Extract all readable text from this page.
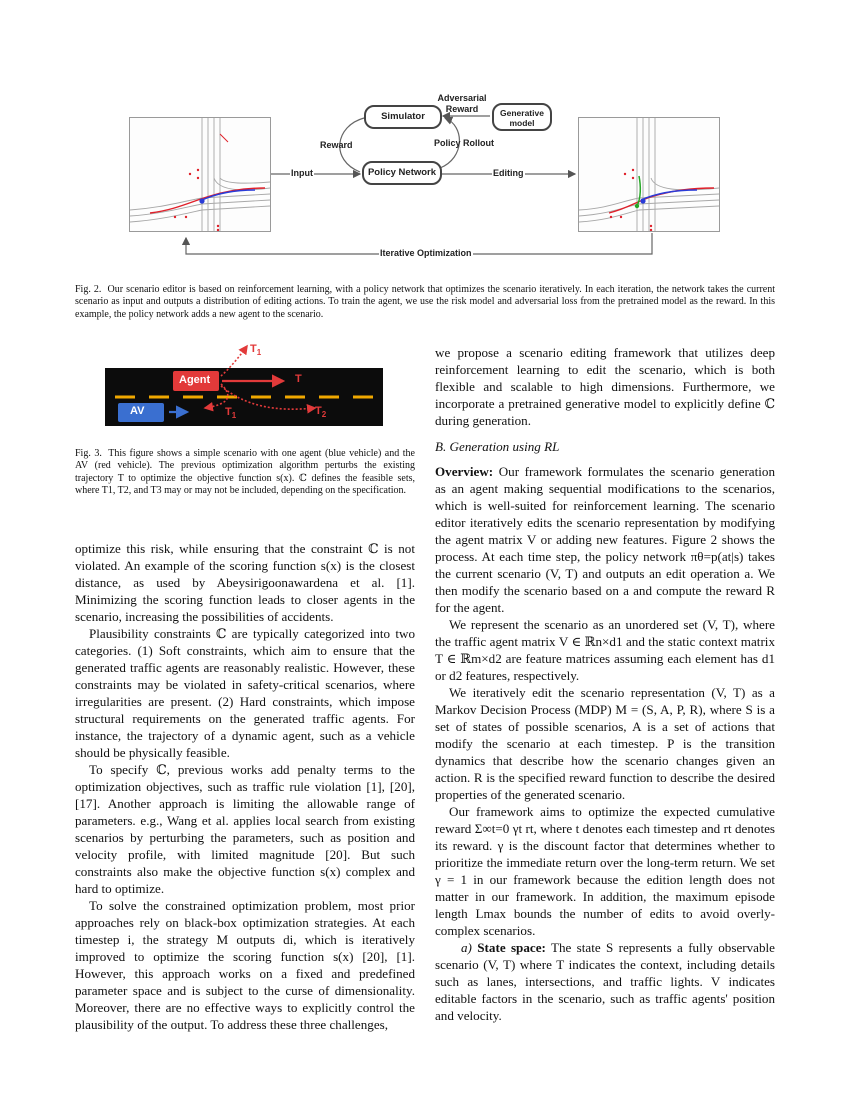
Simulator	Generative model
Policy Network
Adversarial Reward
Reward	Policy Rollout
Input	Editing
Iterative Optimization
Fig. 2. Our scenario editor is based on reinforcement learning, with a policy network that optimizes the scenario iteratively. In each iteration, the network takes the current scenario as input and outputs a distribution of editing actions. To train the agent, we use the risk model and adversarial loss from the pretrained model as the reward. In this example, the policy network adds a new agent to the scenario.
Agent
AV
T
$T_1$
$T_1$	$T_2$
Fig. 3. This figure shows a simple scenario with one agent (blue vehicle) and the AV (red vehicle). The previous optimization algorithm perturbs the existing trajectory T to optimize the objective function s(x). ℂ defines the feasible sets, where T1, T2, and T3 may or may not be included, depending on the specification.

optimize this risk, while ensuring that the constraint ℂ is not violated. An example of the scoring function s(x) is the closest distance, as used by Abeysirigoonawardena et al. [1]. Minimizing the scoring function leads to closer agents in the scenario, increasing the possibilities of accidents.

Plausibility constraints ℂ are typically categorized into two categories. (1) Soft constraints, which aim to ensure that the generated traffic agents are reasonably realistic. However, these constraints may be violated in safety-critical scenarios, where irregularities are present. (2) Hard constraints, which impose structural requirements on the generated traffic agents. For instance, the trajectory of a dynamic agent, such as a vehicle should be physically feasible.

To specify ℂ, previous works add penalty terms to the optimization objectives, such as traffic rule violation [1], [20], [17]. Another approach is limiting the allowable range of parameters. e.g., Wang et al. applies local search from existing scenarios by perturbing the parameters, such as position and velocity profile, with limited magnitude [20]. But such constraints also make the objective function s(x) complex and hard to optimize.

To solve the constrained optimization problem, most prior approaches rely on black-box optimization strategies. At each timestep i, the strategy M outputs di, which is iteratively improved to optimize the scoring function s(x) [20], [1]. However, this approach works on a fixed and predefined parameter space and is subject to the curse of dimensionality. Moreover, there are no effective ways to explicitly control the plausibility of the output. To address these three challenges,

we propose a scenario editing framework that utilizes deep reinforcement learning to edit the scenario, which is both flexible and scalable to high dimensions. Furthermore, we incorporate a pretrained generative model to explicitly define ℂ during generation.

B. Generation using RL

Overview: Our framework formulates the scenario generation as an agent making sequential modifications to the scenarios, which is well-suited for reinforcement learning. The scenario editor iteratively edits the scenario representation by modifying the agent matrix V or adding new features. Figure 2 shows the process. At each time step, the policy network πθ=p(at|s) takes the current scenario (V, T) and outputs an edit operation a. We then modify the scenario based on a and compute the reward R for the agent.

We represent the scenario as an unordered set (V, T), where the traffic agent matrix V ∈ ℝn×d1 and the static context matrix T ∈ ℝm×d2 are feature matrices assuming each element has d1 or d2 features, respectively.

We iteratively edit the scenario representation (V, T) as a Markov Decision Process (MDP) M = (S, A, P, R), where S is a set of states of possible scenarios, A is a set of actions that modify the scenario at each timestep. P is the transition dynamics that describe how the scenario changes given an action. R is the specified reward function to describe the desired properties of the generated scenario.

Our framework aims to optimize the expected cumulative reward Σ∞t=0 γt rt, where t denotes each timestep and rt denotes its reward. γ is the discount factor that determines whether to prioritize the immediate return over the long-term return. We set γ = 1 in our framework because the edition length does not matter in our framework. In addition, the maximum episode length Lmax bounds the number of edits to avoid overly-complex scenarios.

a) State space: The state S represents a fully observable scenario (V, T) where T indicates the context, including details such as lanes, intersections, and traffic lights. V indicates editable factors in the scenario, such as traffic agents' position and velocity.
